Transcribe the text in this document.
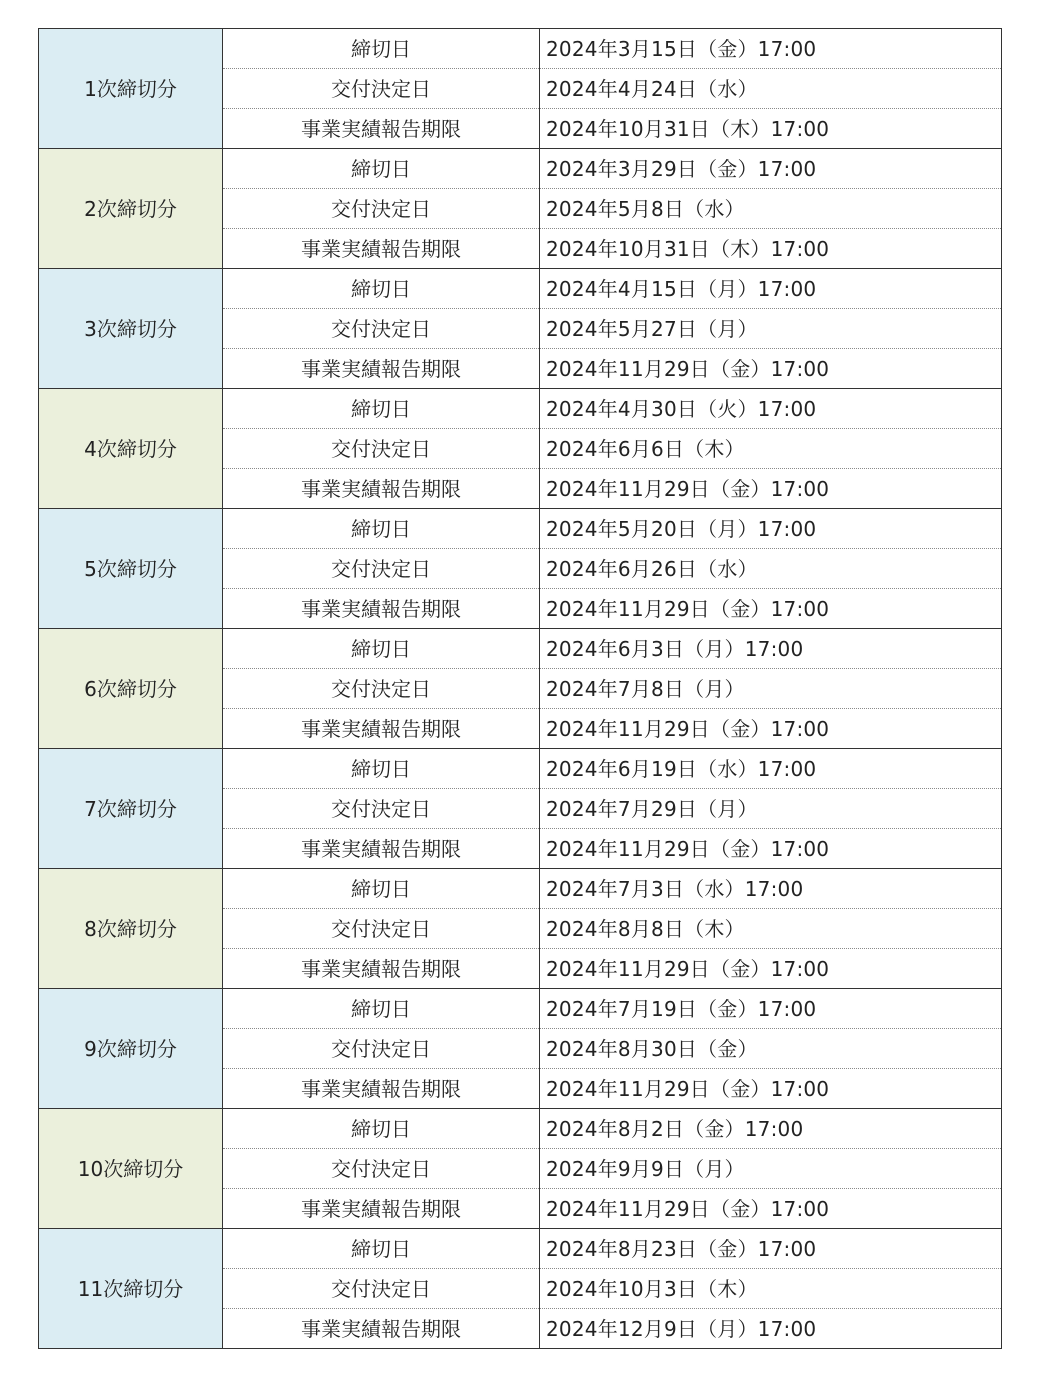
1次締切分	締切日	2024年3月15日（金）17:00
	交付決定日	2024年4月24日（水）
	事業実績報告期限	2024年10月31日（木）17:00
2次締切分	締切日	2024年3月29日（金）17:00
	交付決定日	2024年5月8日（水）
	事業実績報告期限	2024年10月31日（木）17:00
3次締切分	締切日	2024年4月15日（月）17:00
	交付決定日	2024年5月27日（月）
	事業実績報告期限	2024年11月29日（金）17:00
4次締切分	締切日	2024年4月30日（火）17:00
	交付決定日	2024年6月6日（木）
	事業実績報告期限	2024年11月29日（金）17:00
5次締切分	締切日	2024年5月20日（月）17:00
	交付決定日	2024年6月26日（水）
	事業実績報告期限	2024年11月29日（金）17:00
6次締切分	締切日	2024年6月3日（月）17:00
	交付決定日	2024年7月8日（月）
	事業実績報告期限	2024年11月29日（金）17:00
7次締切分	締切日	2024年6月19日（水）17:00
	交付決定日	2024年7月29日（月）
	事業実績報告期限	2024年11月29日（金）17:00
8次締切分	締切日	2024年7月3日（水）17:00
	交付決定日	2024年8月8日（木）
	事業実績報告期限	2024年11月29日（金）17:00
9次締切分	締切日	2024年7月19日（金）17:00
	交付決定日	2024年8月30日（金）
	事業実績報告期限	2024年11月29日（金）17:00
10次締切分	締切日	2024年8月2日（金）17:00
	交付決定日	2024年9月9日（月）
	事業実績報告期限	2024年11月29日（金）17:00
11次締切分	締切日	2024年8月23日（金）17:00
	交付決定日	2024年10月3日（木）
	事業実績報告期限	2024年12月9日（月）17:00
